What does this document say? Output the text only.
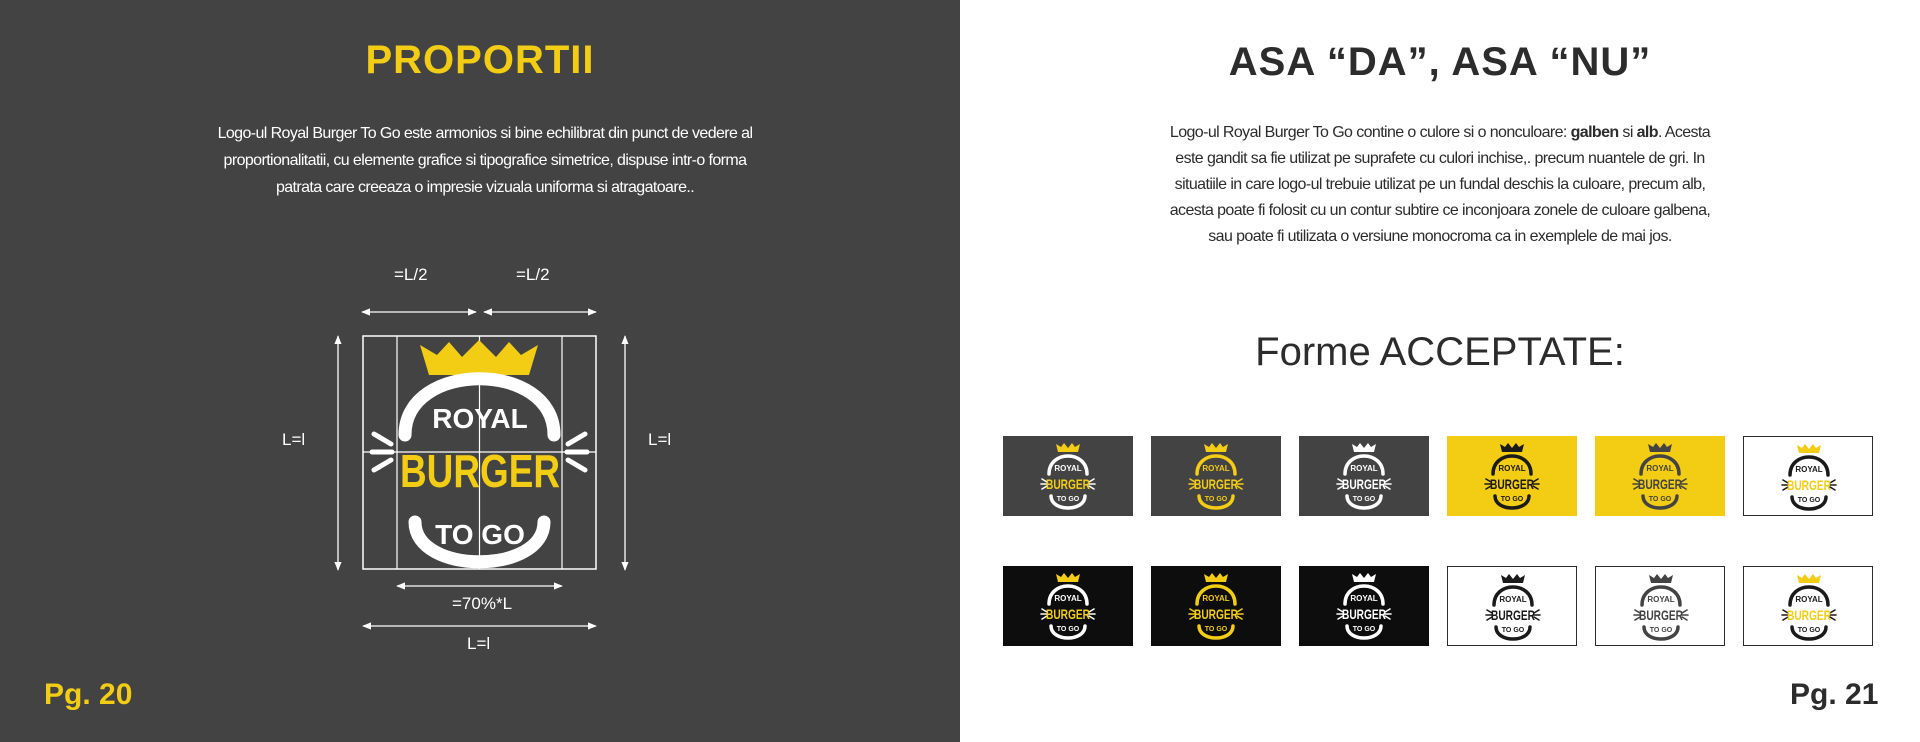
PROPORTII
Logo-ul Royal Burger To Go este armonios si bine echilibrat din punct de vedere al proportionalitatii, cu elemente grafice si tipografice simetrice, dispuse intr-o forma patrata care creeaza o impresie vizuala uniforma si atragatoare..
ROYAL
BURGER
TO GO
=L/2	=L/2
L=l	L=l
=70%*L
L=l
Pg. 20
ASA “DA”, ASA “NU”
Logo-ul Royal Burger To Go contine o culore si o nonculoare: galben si alb. Acesta este gandit sa fie utilizat pe suprafete cu culori inchise,. precum nuantele de gri. In situatiile in care logo-ul trebuie utilizat pe un fundal deschis la culoare, precum alb, acesta poate fi folosit cu un contur subtire ce inconjoara zonele de culoare galbena, sau poate fi utilizata o versiune monocroma ca in exemplele de mai jos.
Forme ACCEPTATE:
ROYAL
BURGER
TO GO
ROYAL
BURGER
TO GO
ROYAL
BURGER
TO GO
ROYAL
BURGER
TO GO
ROYAL
BURGER
TO GO
ROYAL
BURGER
TO GO
ROYAL
BURGER
TO GO
ROYAL
BURGER
TO GO
ROYAL
BURGER
TO GO
ROYAL
BURGER
TO GO
ROYAL
BURGER
TO GO
ROYAL
BURGER
TO GO
Pg. 21
